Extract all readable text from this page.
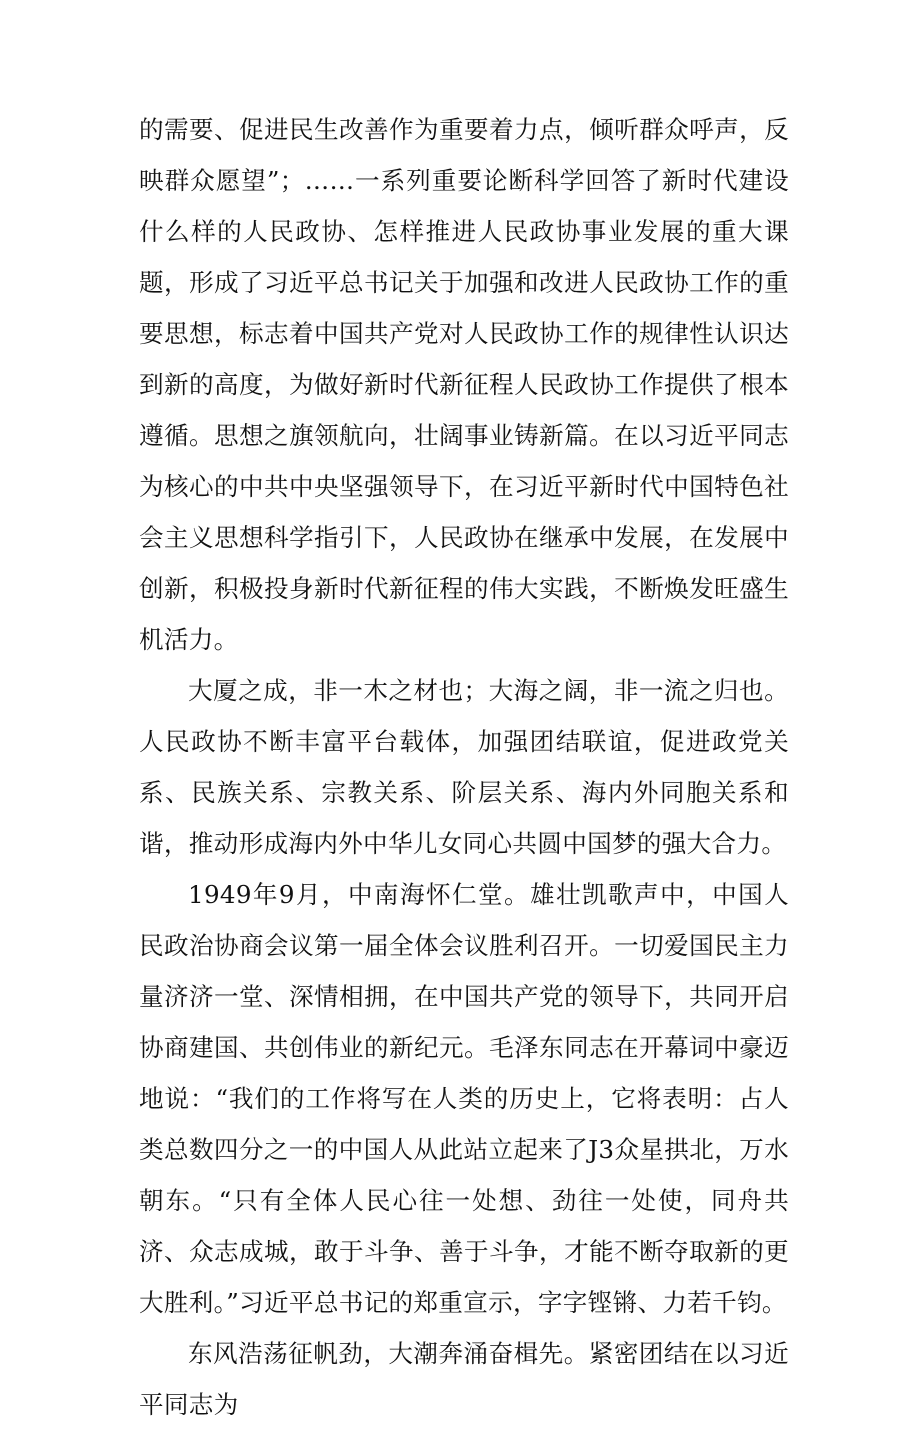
的需要、促进民生改善作为重要着力点，倾听群众呼声，反映群众愿望”；……一系列重要论断科学回答了新时代建设什么样的人民政协、怎样推进人民政协事业发展的重大课题，形成了习近平总书记关于加强和改进人民政协工作的重要思想，标志着中国共产党对人民政协工作的规律性认识达到新的高度，为做好新时代新征程人民政协工作提供了根本遵循。思想之旗领航向，壮阔事业铸新篇。在以习近平同志为核心的中共中央坚强领导下，在习近平新时代中国特色社会主义思想科学指引下，人民政协在继承中发展，在发展中创新，积极投身新时代新征程的伟大实践，不断焕发旺盛生机活力。

大厦之成，非一木之材也；大海之阔，非一流之归也。人民政协不断丰富平台载体，加强团结联谊，促进政党关系、民族关系、宗教关系、阶层关系、海内外同胞关系和谐，推动形成海内外中华儿女同心共圆中国梦的强大合力。

1949年9月，中南海怀仁堂。雄壮凯歌声中，中国人民政治协商会议第一届全体会议胜利召开。一切爱国民主力量济济一堂、深情相拥，在中国共产党的领导下，共同开启协商建国、共创伟业的新纪元。毛泽东同志在开幕词中豪迈地说：“我们的工作将写在人类的历史上，它将表明：占人类总数四分之一的中国人从此站立起来了J3众星拱北，万水朝东。“只有全体人民心往一处想、劲往一处使，同舟共济、众志成城，敢于斗争、善于斗争，才能不断夺取新的更大胜利。”习近平总书记的郑重宣示，字字铿锵、力若千钧。

东风浩荡征帆劲，大潮奔涌奋楫先。紧密团结在以习近平同志为
